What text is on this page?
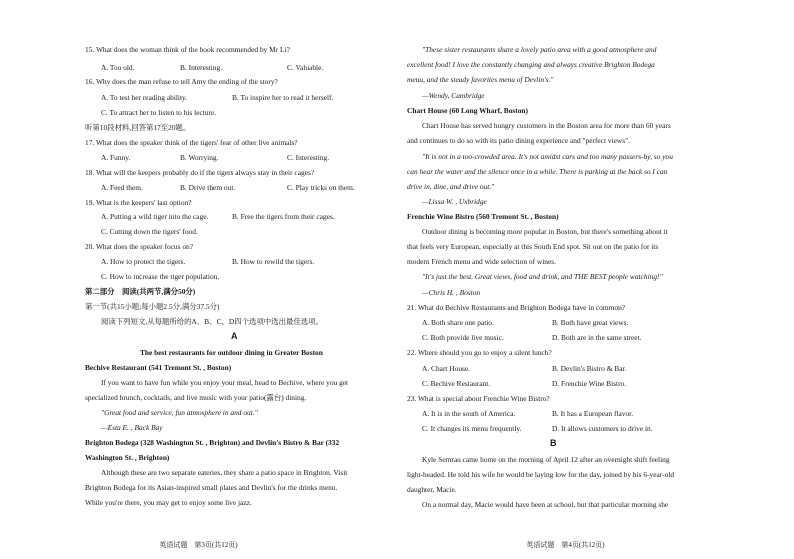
15. What does the woman think of the book recommended by Mr Li?
A. Too old.	B. Interesting.	C. Valuable.
16. Why does the man refuse to tell Amy the ending of the story?
A. To test her reading ability.	B. To inspire her to read it herself.
C. To attract her to listen to his lecture.
听第10段材料,回答第17至20题。
17. What does the speaker think of the tigers' fear of other live animals?
A. Funny.	B. Worrying.	C. Interesting.
18. What will the keepers probably do if the tigers always stay in their cages?
A. Feed them.	B. Drive them out.	C. Play tricks on them.
19. What is the keepers' last option?
A. Putting a wild tiger into the cage.	B. Free the tigers from their cages.
C. Cutting down the tigers' food.
20. What does the speaker focus on?
A. How to protect the tigers.	B. How to rewild the tigers.
C. How to increase the tiger population.
第二部分　阅读(共两节,满分50分)
第一节(共15小题;每小题2.5分,满分37.5分)
阅读下列短文,从每题所给的A、B、C、D四个选项中选出最佳选项。
A
The best restaurants for outdoor dining in Greater Boston
Bechive Restaurant (541 Tremont St. , Boston)
If you want to have fun while you enjoy your meal, head to Bechive, where you get
specialized brunch, cocktails, and live music with your patio(露台) dining.
"Great food and service, fun atmosphere in and out."
—Esta E. , Back Bay
Brighton Bodega (328 Washington St. , Brighton) and Devlin's Bistro & Bar (332
Washington St. , Brighton)
Although these are two separate eateries, they share a patio space in Brighton. Visit
Brighton Bodega for its Asian-inspired small plates and Devlin's for the drinks menu.
While you're there, you may get to enjoy some live jazz.
英语试题　第3页(共12页)
"These sister restaurants share a lovely patio area with a good atmosphere and
excellent food! I love the constantly changing and always creative Brighton Bodega
menu, and the steady favorites menu of Devlin's."
—Wendy, Cambridge
Chart House (60 Long Wharf, Boston)
Chart House has served hungry customers in the Boston area for more than 60 years
and continues to do so with its patio dining experience and "perfect views".
"It is not in a too-crowded area. It's not amidst cars and too many passers-by, so you
can hear the water and the silence once in a while. There is parking at the back so I can
drive in, dine, and drive out."
—Lissa W. , Uxbridge
Frenchie Wine Bistro (560 Tremont St. , Boston)
Outdoor dining is becoming more popular in Boston, but there's something about it
that feels very European, especially at this South End spot. Sit out on the patio for its
modern French menu and wide selection of wines.
"It's just the best. Great views, food and drink, and THE BEST people watching!"
—Chris H. , Boston
21. What do Bechive Restaurants and Brighton Bodega have in common?
A. Both share one patio.	B. Both have great views.
C. Both provide live music.	D. Both are in the same street.
22. Where should you go to enjoy a silent lunch?
A. Chart House.	B. Devlin's Bistro & Bar.
C. Bechive Restaurant.	D. Frenchie Wine Bistro.
23. What is special about Frenchie Wine Bistro?
A. It is in the south of America.	B. It has a European flavor.
C. It changes its menu frequently.	D. It allows customers to drive in.
B
Kyle Semrau came home on the morning of April 12 after an overnight shift feeling
light-headed. He told his wife he would be laying low for the day, joined by his 6-year-old
daughter, Macie.
On a normal day, Macie would have been at school, but that particular morning she
英语试题　第4页(共12页)
